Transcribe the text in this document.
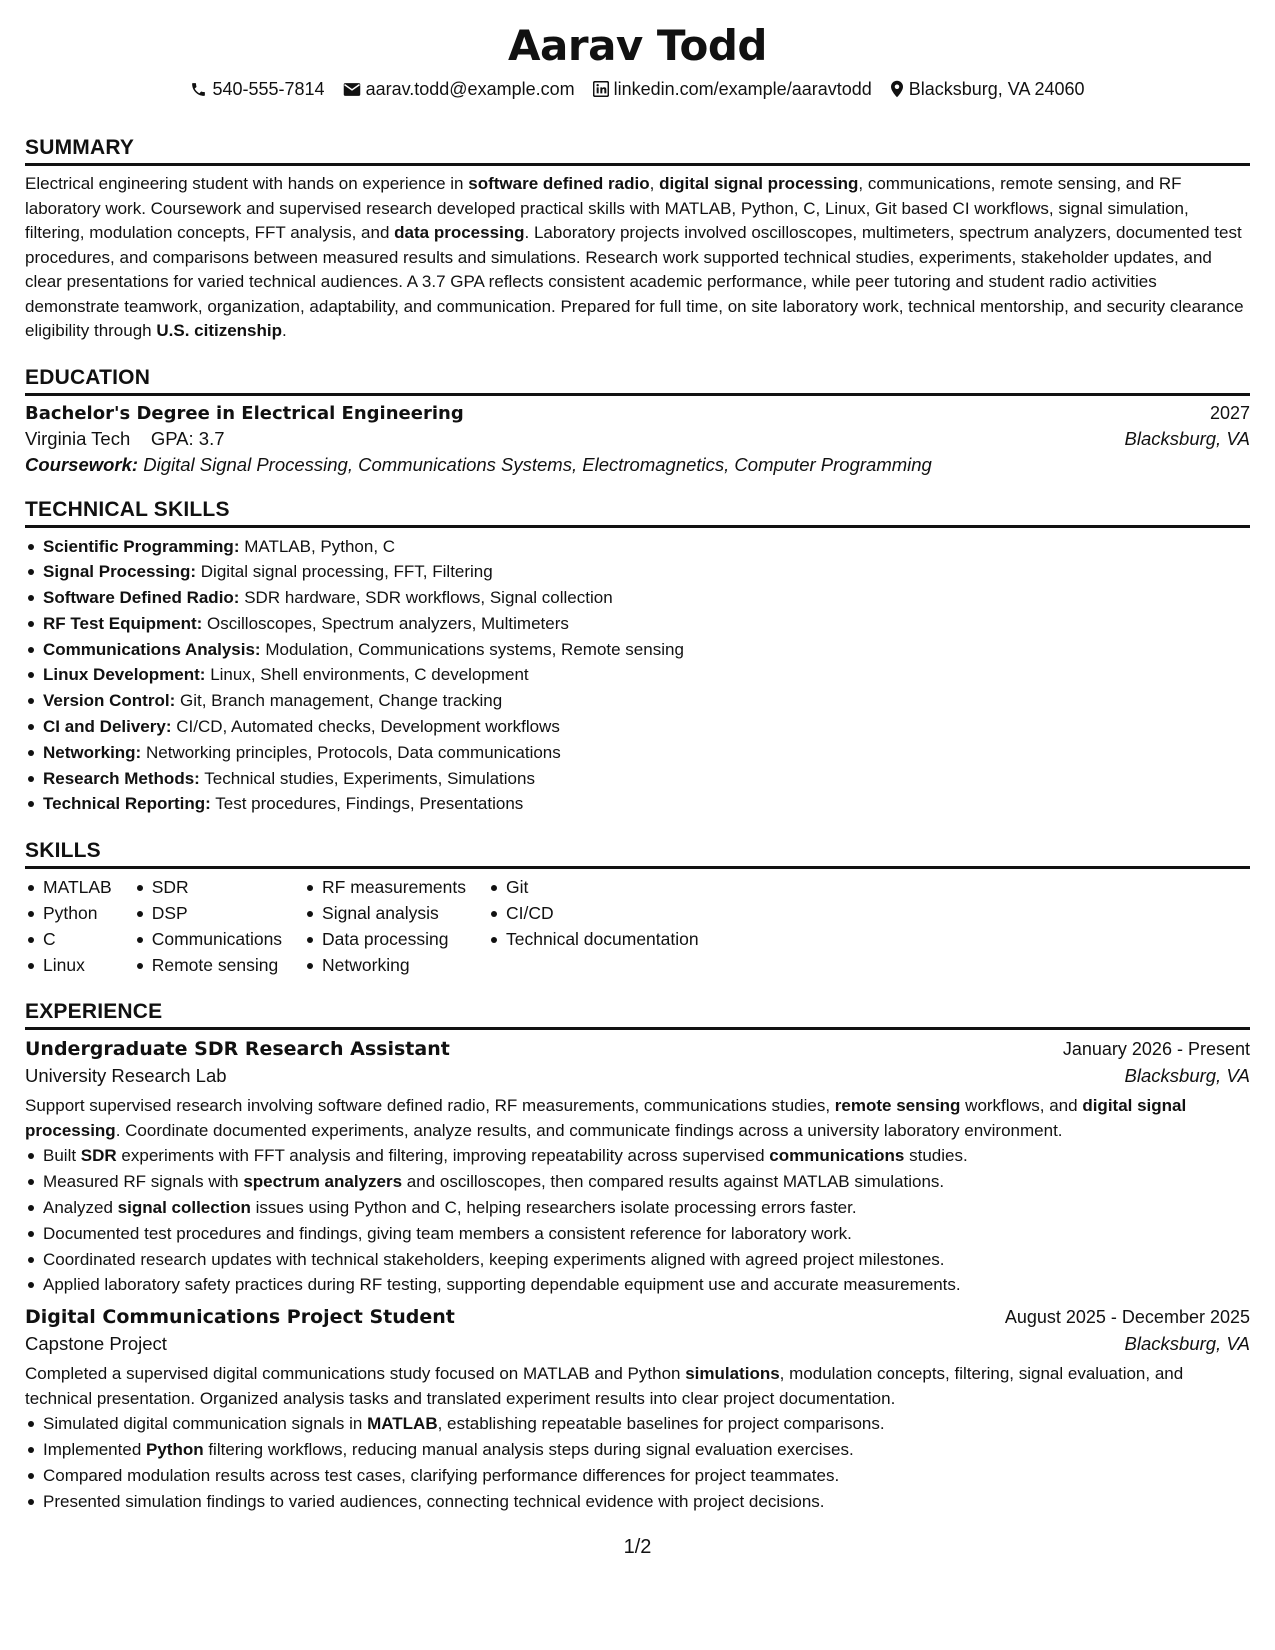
Aarav Todd
540-555-7814 aarav.todd@example.com linkedin.com/example/aaravtodd Blacksburg, VA 24060
SUMMARY

Electrical engineering student with hands on experience in software defined radio, digital signal processing, communications, remote sensing, and RF laboratory work. Coursework and supervised research developed practical skills with MATLAB, Python, C, Linux, Git based CI workflows, signal simulation, filtering, modulation concepts, FFT analysis, and data processing. Laboratory projects involved oscilloscopes, multimeters, spectrum analyzers, documented test procedures, and comparisons between measured results and simulations. Research work supported technical studies, experiments, stakeholder updates, and clear presentations for varied technical audiences. A 3.7 GPA reflects consistent academic performance, while peer tutoring and student radio activities demonstrate teamwork, organization, adaptability, and communication. Prepared for full time, on site laboratory work, technical mentorship, and security clearance eligibility through U.S. citizenship.

EDUCATION
Bachelor's Degree in Electrical Engineering	2027
Virginia Tech GPA: 3.7	Blacksburg, VA
Coursework: Digital Signal Processing, Communications Systems, Electromagnetics, Computer Programming
TECHNICAL SKILLS
Scientific Programming: MATLAB, Python, C
Signal Processing: Digital signal processing, FFT, Filtering
Software Defined Radio: SDR hardware, SDR workflows, Signal collection
RF Test Equipment: Oscilloscopes, Spectrum analyzers, Multimeters
Communications Analysis: Modulation, Communications systems, Remote sensing
Linux Development: Linux, Shell environments, C development
Version Control: Git, Branch management, Change tracking
CI and Delivery: CI/CD, Automated checks, Development workflows
Networking: Networking principles, Protocols, Data communications
Research Methods: Technical studies, Experiments, Simulations
Technical Reporting: Test procedures, Findings, Presentations
SKILLS
MATLAB
Python
C
Linux
SDR
DSP
Communications
Remote sensing
RF measurements
Signal analysis
Data processing
Networking
Git
CI/CD
Technical documentation
EXPERIENCE
Undergraduate SDR Research Assistant	January 2026 - Present
University Research Lab	Blacksburg, VA

Support supervised research involving software defined radio, RF measurements, communications studies, remote sensing workflows, and digital signal processing. Coordinate documented experiments, analyze results, and communicate findings across a university laboratory environment.

Built SDR experiments with FFT analysis and filtering, improving repeatability across supervised communications studies.
Measured RF signals with spectrum analyzers and oscilloscopes, then compared results against MATLAB simulations.
Analyzed signal collection issues using Python and C, helping researchers isolate processing errors faster.
Documented test procedures and findings, giving team members a consistent reference for laboratory work.
Coordinated research updates with technical stakeholders, keeping experiments aligned with agreed project milestones.
Applied laboratory safety practices during RF testing, supporting dependable equipment use and accurate measurements.
Digital Communications Project Student	August 2025 - December 2025
Capstone Project	Blacksburg, VA

Completed a supervised digital communications study focused on MATLAB and Python simulations, modulation concepts, filtering, signal evaluation, and technical presentation. Organized analysis tasks and translated experiment results into clear project documentation.

Simulated digital communication signals in MATLAB, establishing repeatable baselines for project comparisons.
Implemented Python filtering workflows, reducing manual analysis steps during signal evaluation exercises.
Compared modulation results across test cases, clarifying performance differences for project teammates.
Presented simulation findings to varied audiences, connecting technical evidence with project decisions.
1/2
